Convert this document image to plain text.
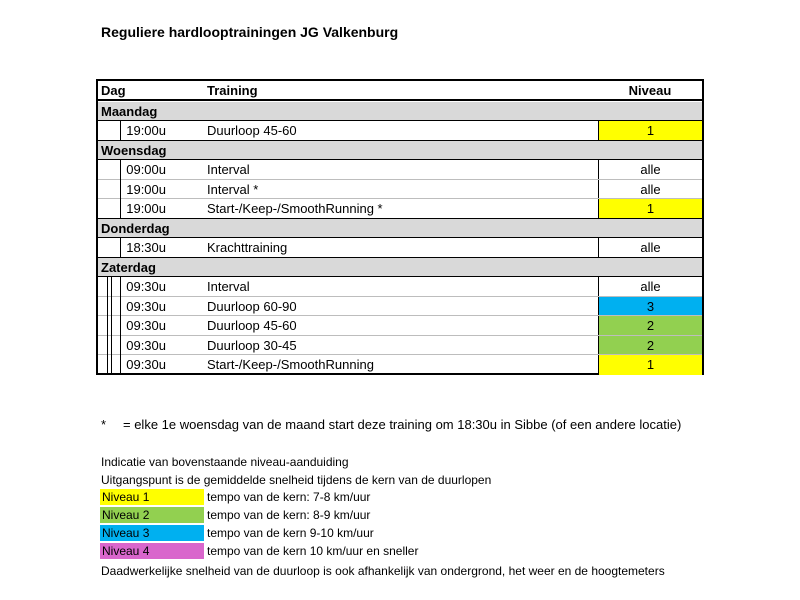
Reguliere hardlooptrainingen JG Valkenburg
Dag	Training	Niveau
Maandag
19:00u	Duurloop 45-60	1
Woensdag
09:00u	Interval	alle
19:00u	Interval *	alle
19:00u	Start-/Keep-/SmoothRunning *	1
Donderdag
18:30u	Krachttraining	alle
Zaterdag
09:30u	Interval	alle
09:30u	Duurloop 60-90	3
09:30u	Duurloop 45-60	2
09:30u	Duurloop 30-45	2
09:30u	Start-/Keep-/SmoothRunning	1
* = elke 1e woensdag van de maand start deze training om 18:30u in Sibbe (of een andere locatie)
Indicatie van bovenstaande niveau-aanduiding
Uitgangspunt is de gemiddelde snelheid tijdens de kern van de duurlopen
Niveau 1	tempo van de kern: 7-8 km/uur
Niveau 2	tempo van de kern: 8-9 km/uur
Niveau 3	tempo van de kern 9-10 km/uur
Niveau 4	tempo van de kern 10 km/uur en sneller
Daadwerkelijke snelheid van de duurloop is ook afhankelijk van ondergrond, het weer en de hoogtemeters
